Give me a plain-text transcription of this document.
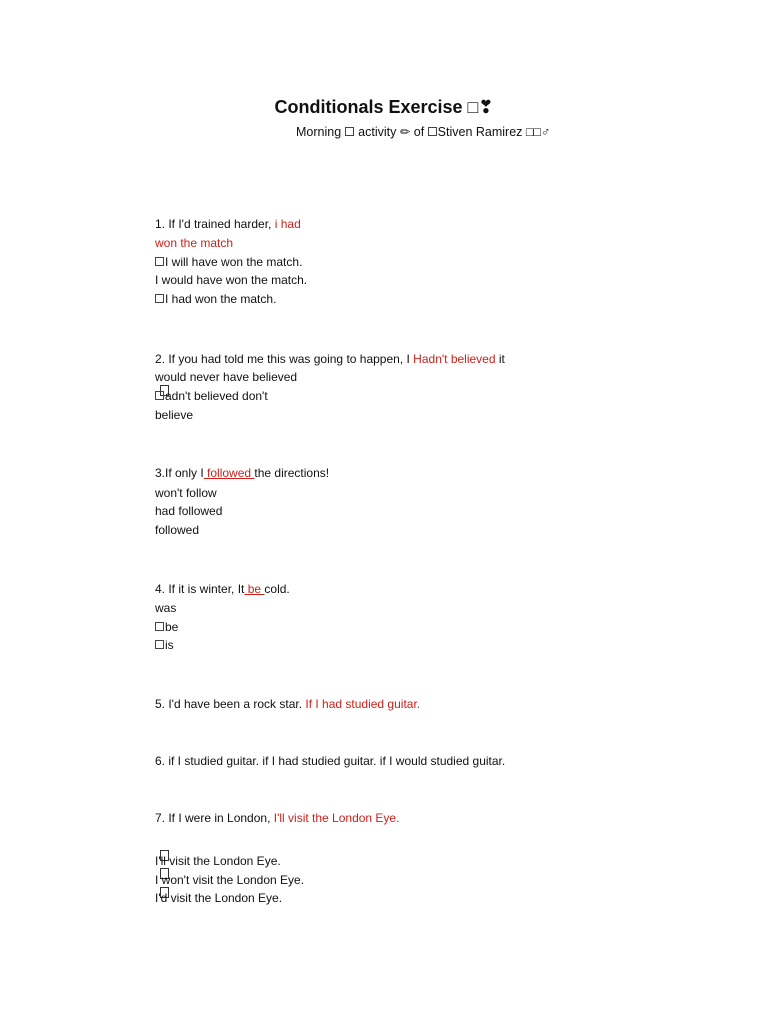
Conditionals Exercise □❣
Morning activity ✏ of Stiven Ramirez □□♂
1. If I'd trained harder, i had
won the match
I will have won the match.
I would have won the match.
I had won the match.
2. If you had told me this was going to happen, I Hadn't believed it
would never have believed
adn't believed don't
believe
3.If only I followed the directions!
won't follow
had followed
followed
4. If it is winter, It be cold.
was
be
is
5. I'd have been a rock star. If I had studied guitar.
6. if I studied guitar. if I had studied guitar. if I would studied guitar.
7. If I were in London, I'll visit the London Eye.
I'll visit the London Eye.
I won't visit the London Eye.
I'd visit the London Eye.
